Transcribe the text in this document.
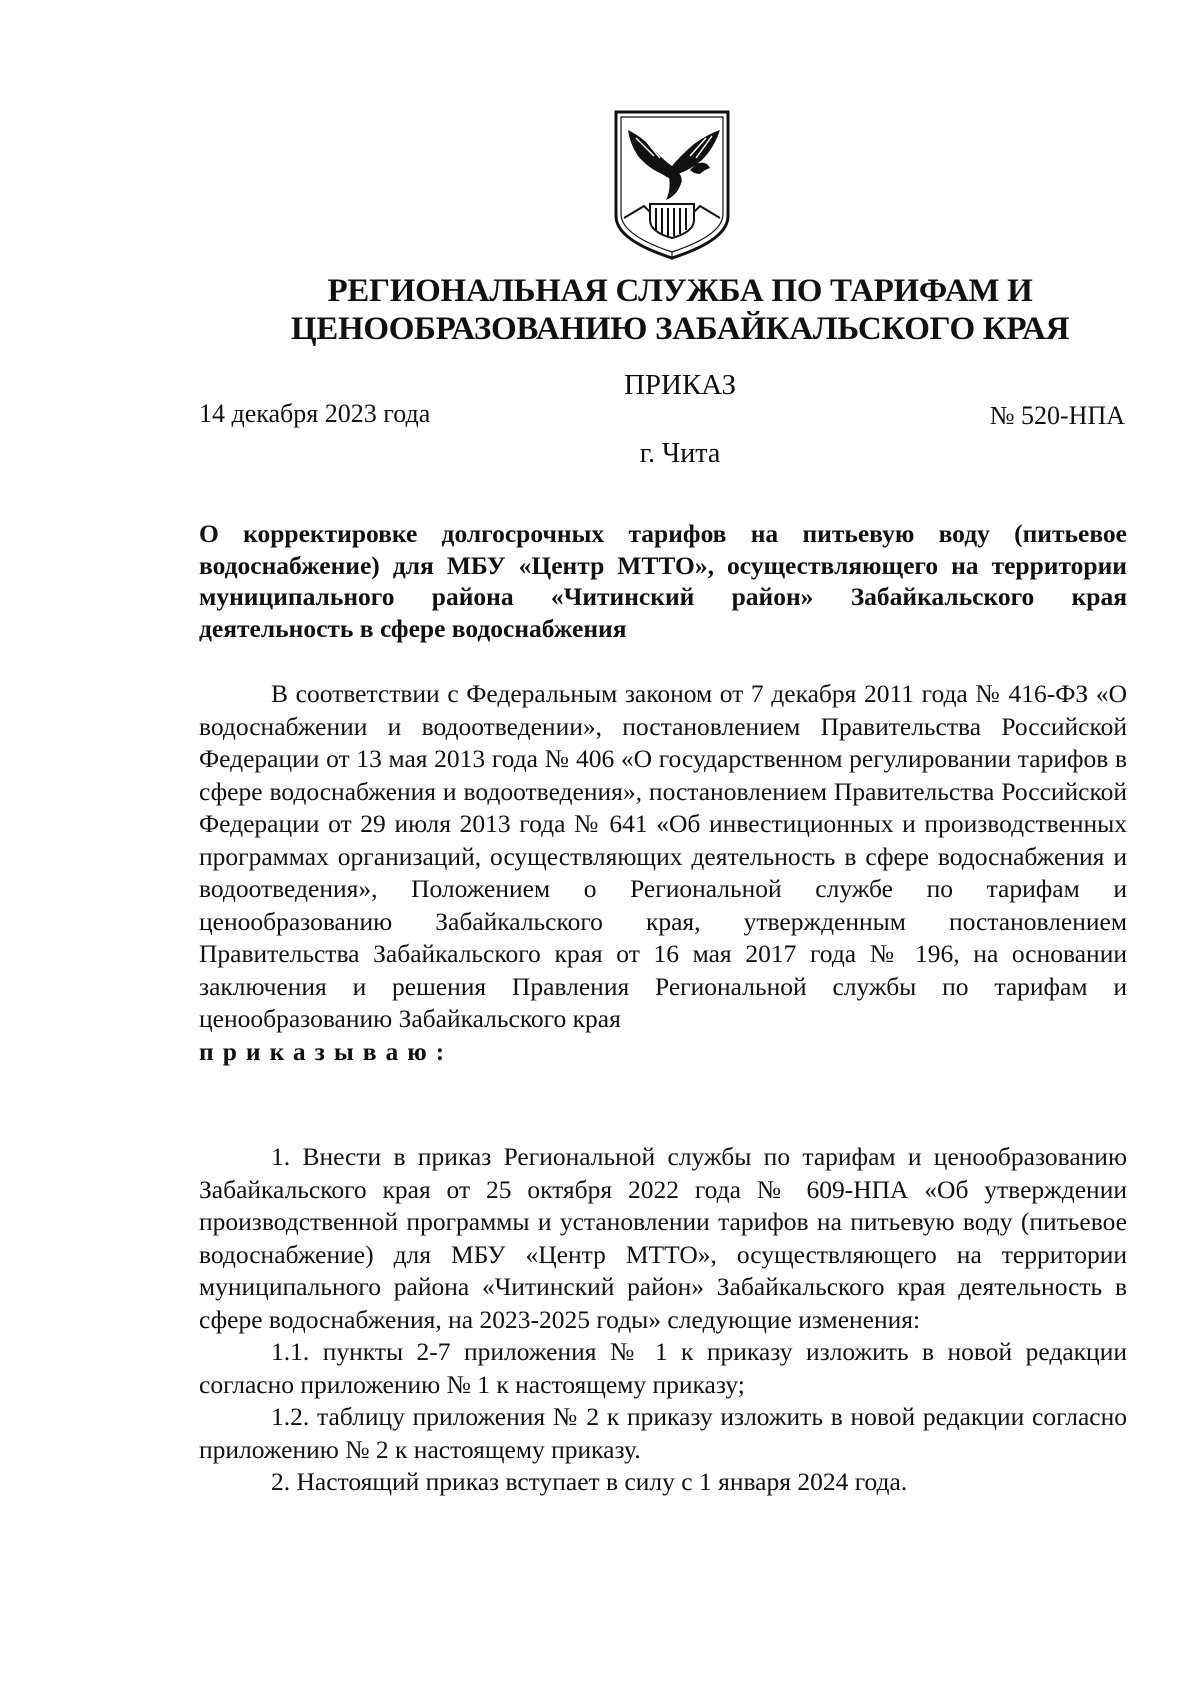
РЕГИОНАЛЬНАЯ СЛУЖБА ПО ТАРИФАМ И
ЦЕНООБРАЗОВАНИЮ ЗАБАЙКАЛЬСКОГО КРАЯ
ПРИКАЗ
14 декабря 2023 года	№ 520-НПА
г. Чита
О корректировке долгосрочных тарифов на питьевую воду (питьевое водоснабжение) для МБУ «Центр МТТО», осуществляющего на территории муниципального района «Читинский район» Забайкальского края деятельность в сфере водоснабжения

В соответствии с Федеральным законом от 7 декабря 2011 года № 416-ФЗ «О водоснабжении и водоотведении», постановлением Правительства Российской Федерации от 13 мая 2013 года № 406 «О государственном регулировании тарифов в сфере водоснабжения и водоотведения», постановлением Правительства Российской Федерации от 29 июля 2013 года № 641 «Об инвестиционных и производственных программах организаций, осуществляющих деятельность в сфере водоснабжения и водоотведения», Положением о Региональной службе по тарифам и ценообразованию Забайкальского края, утвержденным постановлением Правительства Забайкальского края от 16 мая 2017 года № 196, на основании заключения и решения Правления Региональной службы по тарифам и ценообразованию Забайкальского края

приказываю:

1. Внести в приказ Региональной службы по тарифам и ценообразованию Забайкальского края от 25 октября 2022 года № 609-НПА «Об утверждении производственной программы и установлении тарифов на питьевую воду (питьевое водоснабжение) для МБУ «Центр МТТО», осуществляющего на территории муниципального района «Читинский район» Забайкальского края деятельность в сфере водоснабжения, на 2023-2025 годы» следующие изменения:

1.1. пункты 2-7 приложения № 1 к приказу изложить в новой редакции согласно приложению № 1 к настоящему приказу;

1.2. таблицу приложения № 2 к приказу изложить в новой редакции согласно приложению № 2 к настоящему приказу.

2. Настоящий приказ вступает в силу с 1 января 2024 года.
